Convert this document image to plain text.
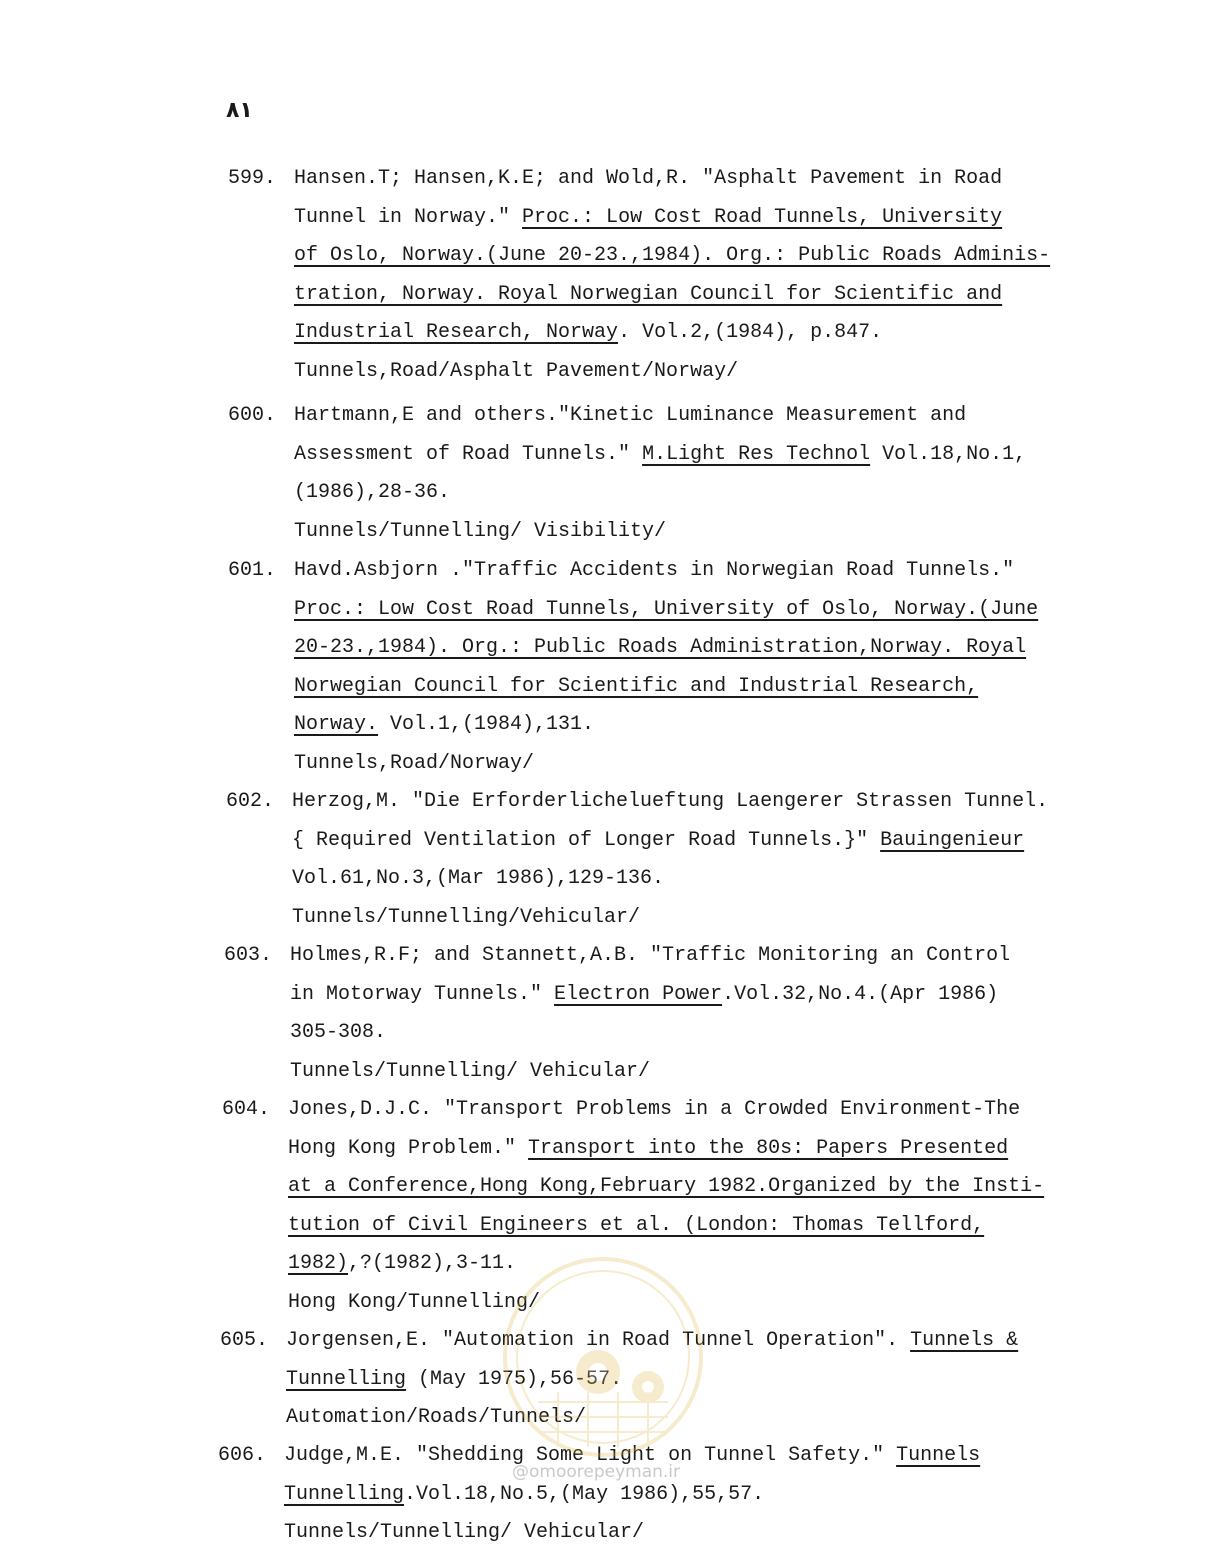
٨١
599. Hansen.T; Hansen,K.E; and Wold,R. "Asphalt Pavement in Road
Tunnel in Norway." Proc.: Low Cost Road Tunnels, University
of Oslo, Norway.(June 20-23.,1984). Org.: Public Roads Adminis-
tration, Norway. Royal Norwegian Council for Scientific and
Industrial Research, Norway. Vol.2,(1984), p.847.
Tunnels,Road/Asphalt Pavement/Norway/
600. Hartmann,E and others."Kinetic Luminance Measurement and
Assessment of Road Tunnels." M.Light Res Technol Vol.18,No.1,
(1986),28-36.
Tunnels/Tunnelling/ Visibility/
601. Havd.Asbjorn ."Traffic Accidents in Norwegian Road Tunnels."
Proc.: Low Cost Road Tunnels, University of Oslo, Norway.(June
20-23.,1984). Org.: Public Roads Administration,Norway. Royal
Norwegian Council for Scientific and Industrial Research,
Norway. Vol.1,(1984),131.
Tunnels,Road/Norway/
602. Herzog,M. "Die Erforderlicheluеftung Laengerer Strassen Tunnel.
{ Required Ventilation of Longer Road Tunnels.}" Bauingenieur
Vol.61,No.3,(Mar 1986),129-136.
Tunnels/Tunnelling/Vehicular/
603. Holmes,R.F; and Stannett,A.B. "Traffic Monitoring an Control
in Motorway Tunnels." Electron Power.Vol.32,No.4.(Apr 1986)
305-308.
Tunnels/Tunnelling/ Vehicular/
604. Jones,D.J.C. "Transport Problems in a Crowded Environment-The
Hong Kong Problem." Transport into the 80s: Papers Presented
at a Conference,Hong Kong,February 1982.Organized by the Insti-
tution of Civil Engineers et al. (London: Thomas Tellford,
1982),?(1982),3-11.
Hong Kong/Tunnelling/
605. Jorgensen,E. "Automation in Road Tunnel Operation". Tunnels &
Tunnelling (May 1975),56-57.
Automation/Roads/Tunnels/
606. Judge,M.E. "Shedding Some Light on Tunnel Safety." Tunnels
Tunnelling.Vol.18,No.5,(May 1986),55,57.
Tunnels/Tunnelling/ Vehicular/
@omoorepeyman.ir
